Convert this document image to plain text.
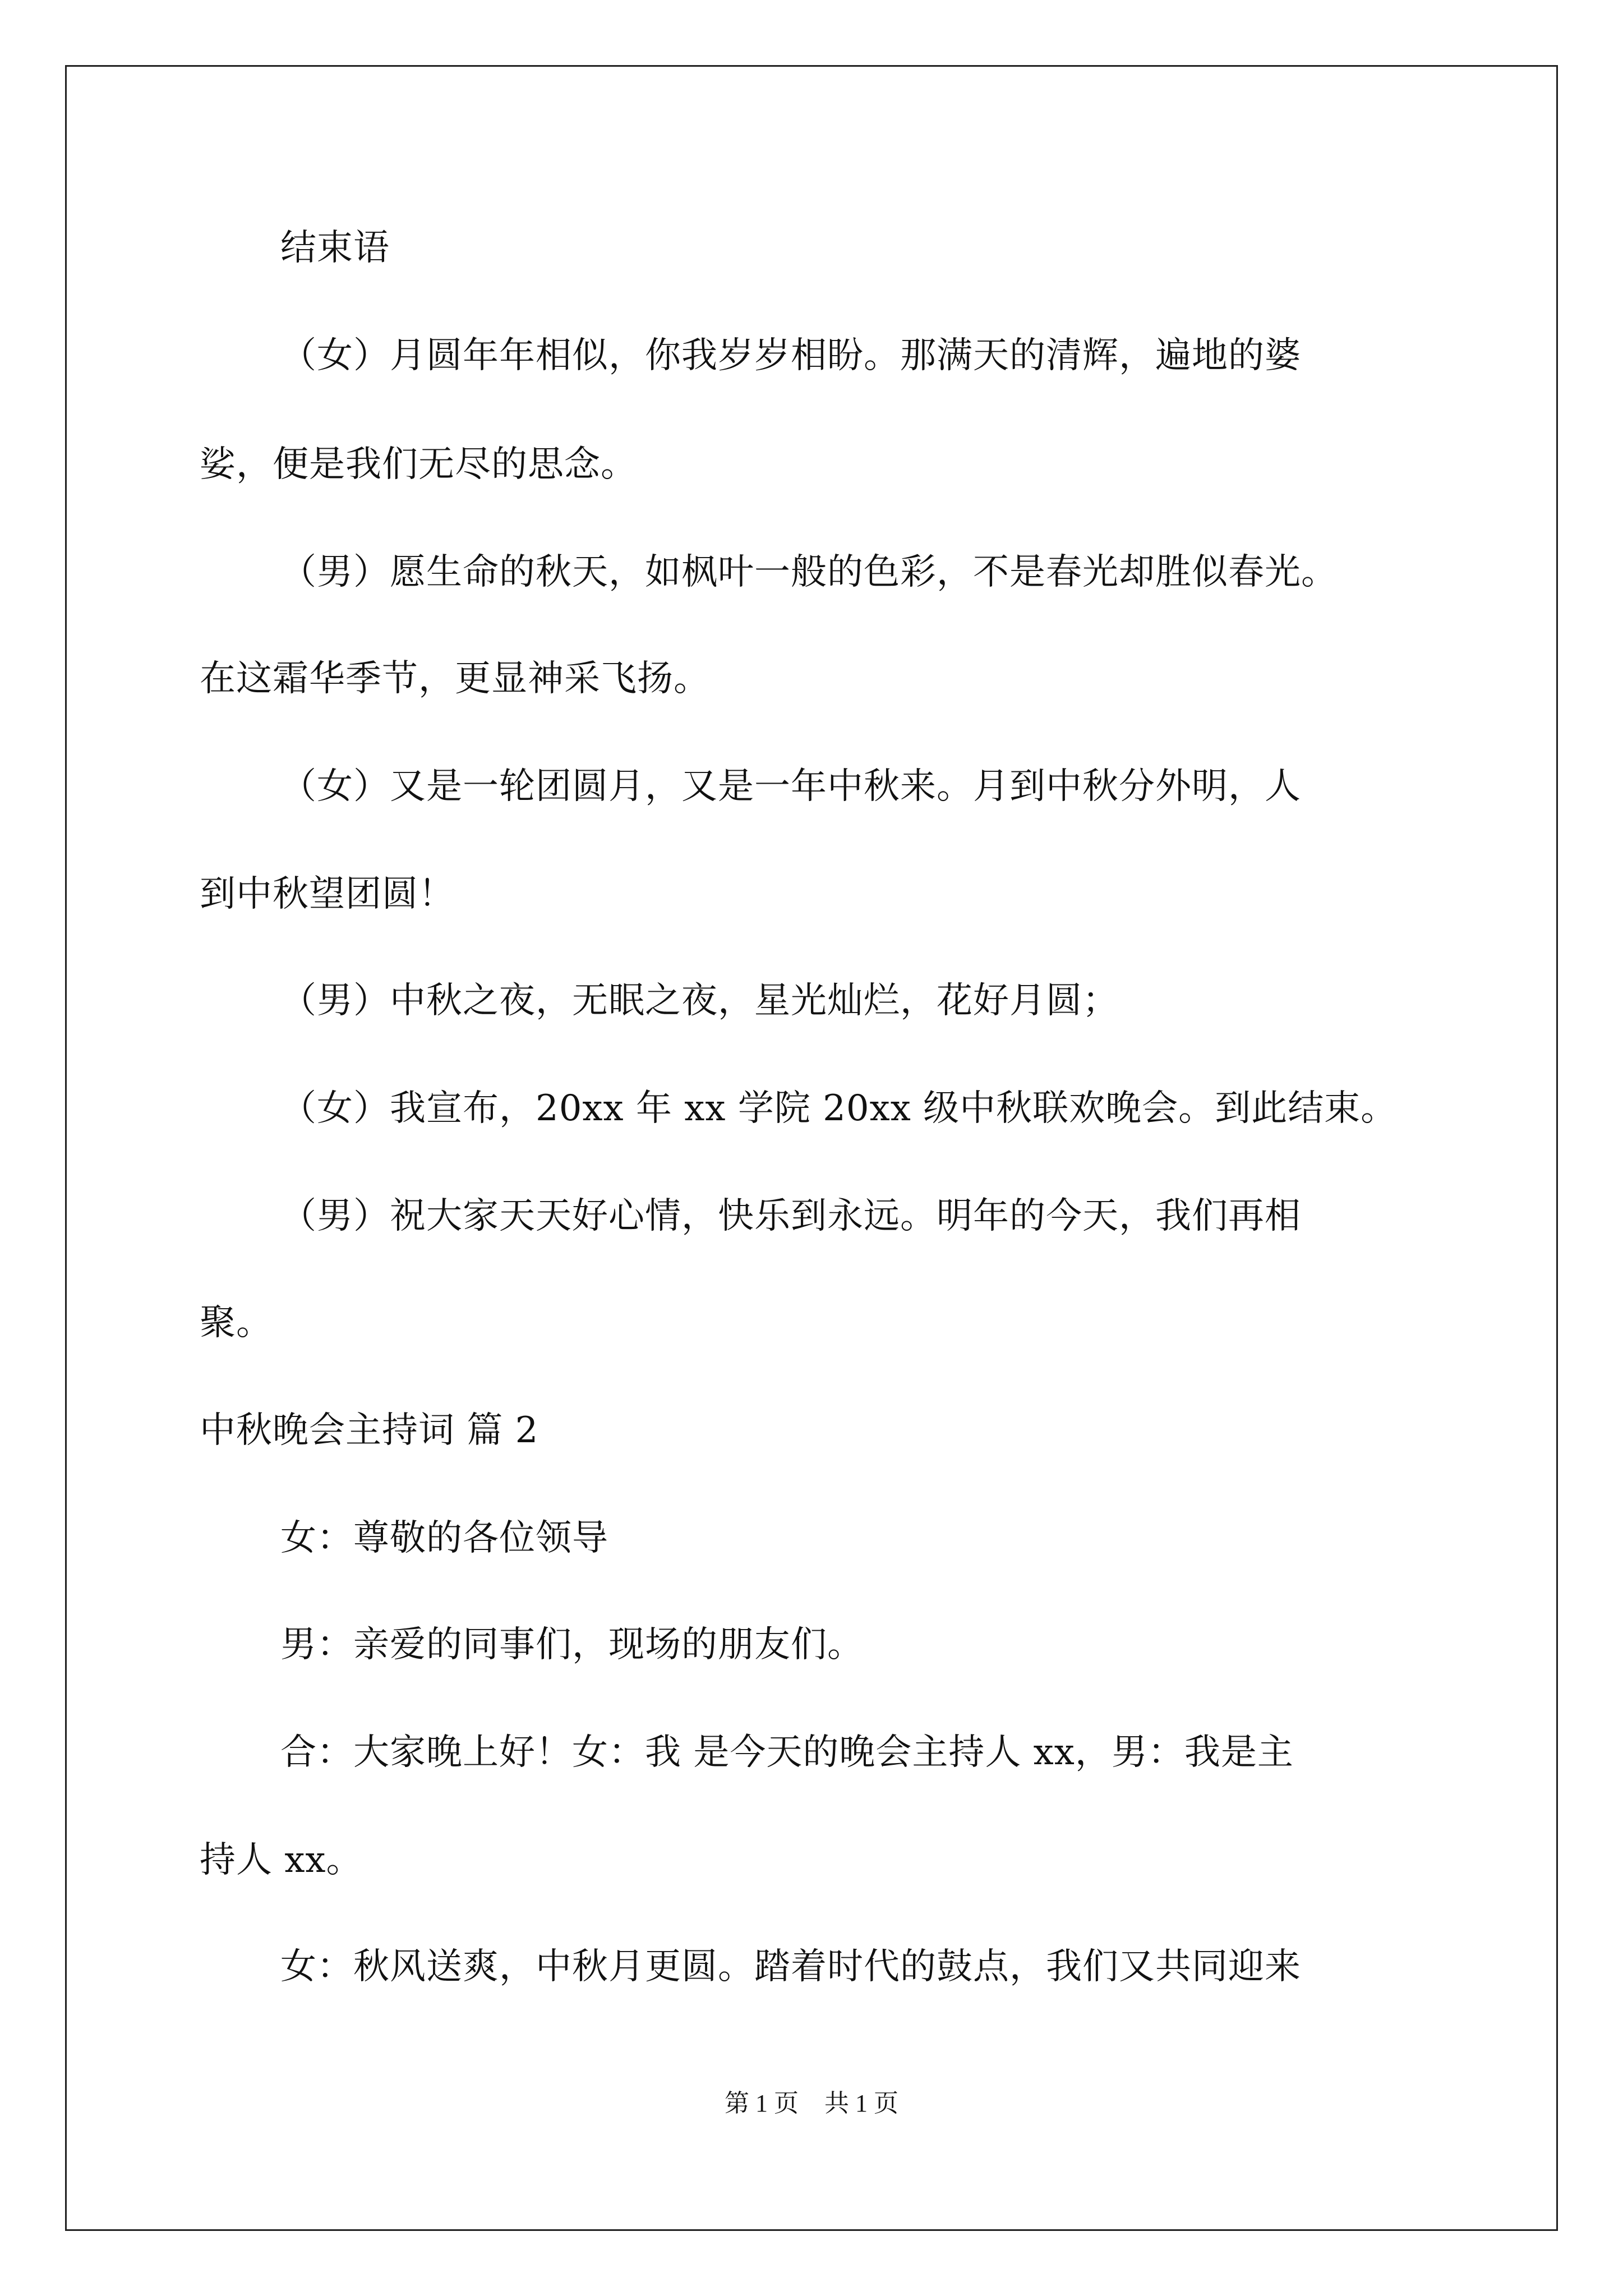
结束语
（女）月圆年年相似，你我岁岁相盼。那满天的清辉，遍地的婆
娑，便是我们无尽的思念。
（男）愿生命的秋天，如枫叶一般的色彩，不是春光却胜似春光。
在这霜华季节，更显神采飞扬。
（女）又是一轮团圆月，又是一年中秋来。月到中秋分外明，人
到中秋望团圆！
（男）中秋之夜，无眠之夜，星光灿烂，花好月圆；
（女）我宣布，20xx 年 xx 学院 20xx 级中秋联欢晚会。到此结束。
（男）祝大家天天好心情，快乐到永远。明年的今天，我们再相
聚。
中秋晚会主持词 篇 2
女：尊敬的各位领导
男：亲爱的同事们，现场的朋友们。
合：大家晚上好！女：我 是今天的晚会主持人 xx，男：我是主
持人 xx。
女：秋风送爽，中秋月更圆。踏着时代的鼓点，我们又共同迎来
第 1 页 共 1 页
